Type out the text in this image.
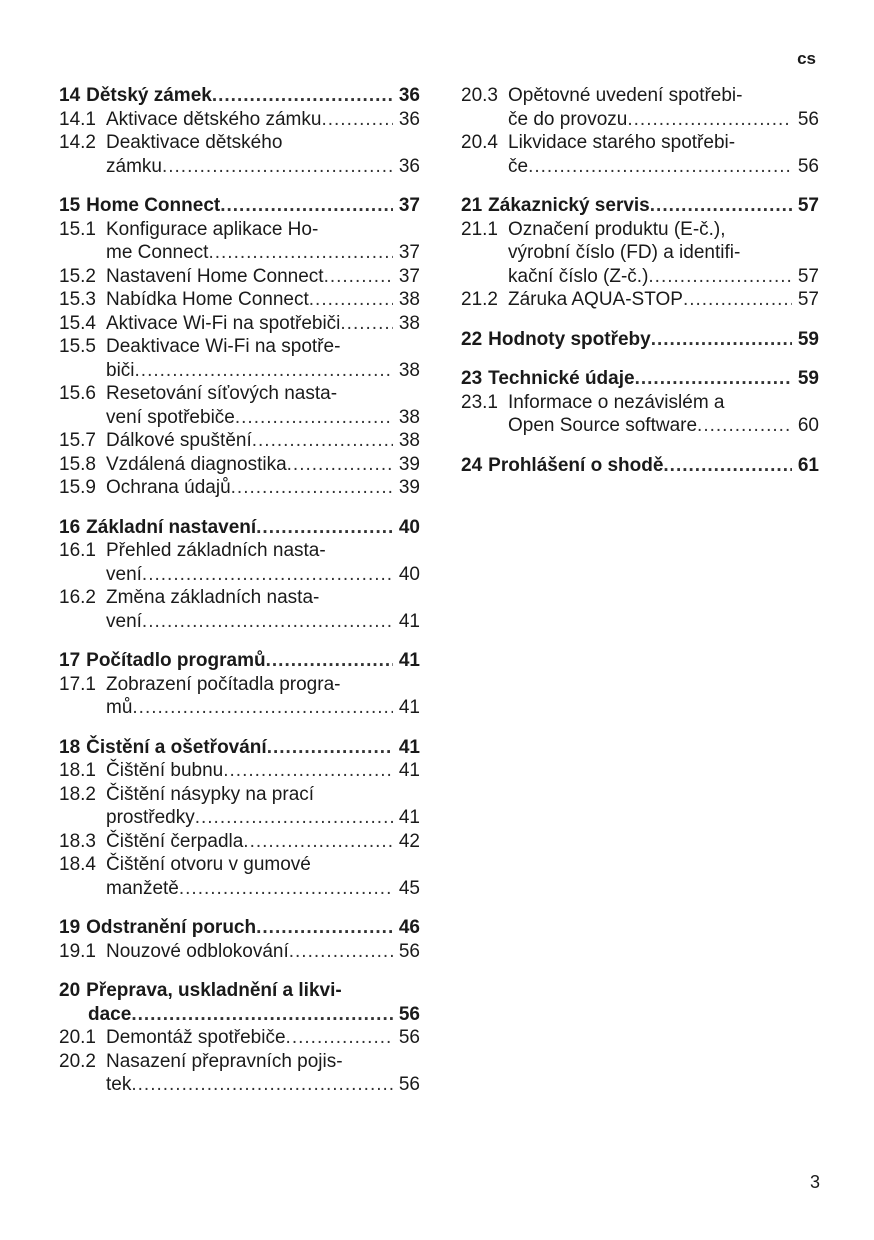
cs
14 Dětský zámek .....	36
14.1 Aktivace dětského zámku .....	36
14.2 Deaktivace dětského
zámku .....	36
15 Home Connect .....	37
15.1 Konfigurace aplikace Ho-
me Connect .....	37
15.2 Nastavení Home Connect .....	37
15.3 Nabídka Home Connect .....	38
15.4 Aktivace Wi-Fi na spotřebiči .....	38
15.5 Deaktivace Wi-Fi na spotře-
biči .....	38
15.6 Resetování síťových nasta-
vení spotřebiče .....	38
15.7 Dálkové spuštění .....	38
15.8 Vzdálená diagnostika .....	39
15.9 Ochrana údajů .....	39
16 Základní nastavení .....	40
16.1 Přehled základních nasta-
vení .....	40
16.2 Změna základních nasta-
vení .....	41
17 Počítadlo programů .....	41
17.1 Zobrazení počítadla progra-
mů .....	41
18 Čistění a ošetřování .....	41
18.1 Čištění bubnu .....	41
18.2 Čištění násypky na prací
prostředky .....	41
18.3 Čištění čerpadla .....	42
18.4 Čištění otvoru v gumové
manžetě .....	45
19 Odstranění poruch .....	46
19.1 Nouzové odblokování .....	56
20 Přeprava, uskladnění a likvi-
dace .....	56
20.1 Demontáž spotřebiče .....	56
20.2 Nasazení přepravních pojis-
tek .....	56
20.3 Opětovné uvedení spotřebi-
če do provozu .....	56
20.4 Likvidace starého spotřebi-
če .....	56
21 Zákaznický servis .....	57
21.1 Označení produktu (E-č.),
výrobní číslo (FD) a identifi-
kační číslo (Z-č.) .....	57
21.2 Záruka AQUA-STOP .....	57
22 Hodnoty spotřeby .....	59
23 Technické údaje .....	59
23.1 Informace o nezávislém a
Open Source software .....	60
24 Prohlášení o shodě .....	61
3
